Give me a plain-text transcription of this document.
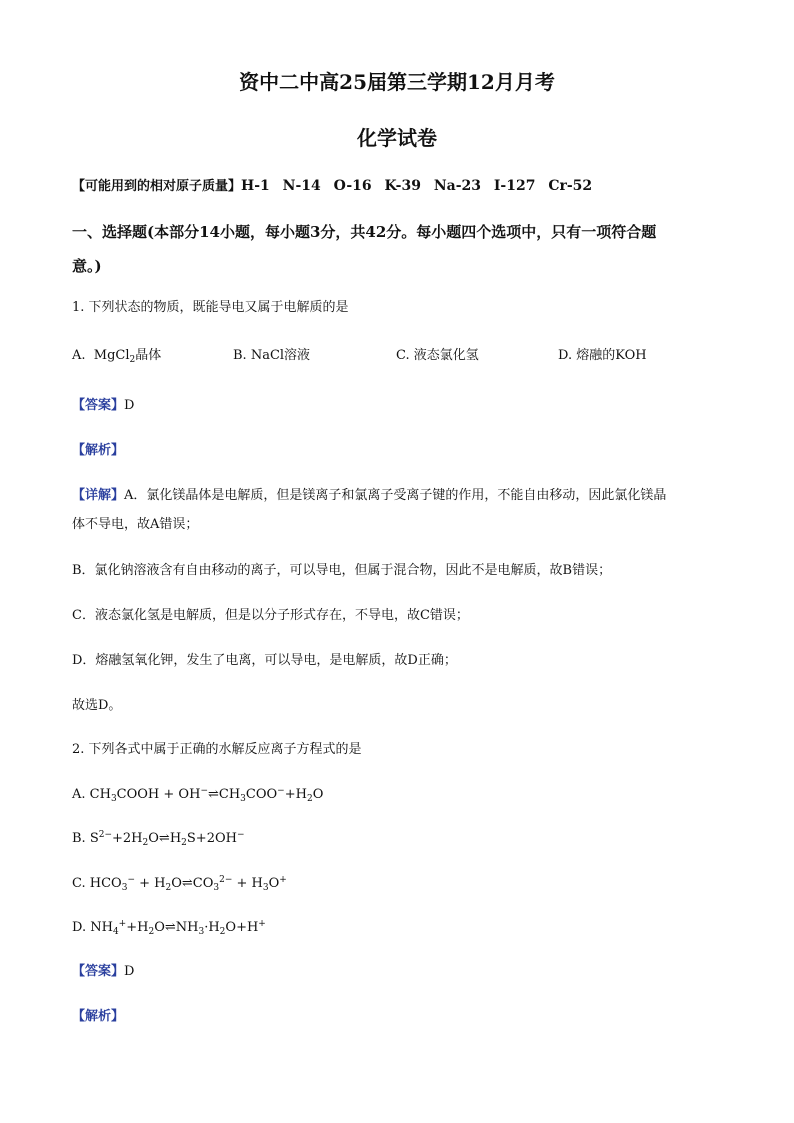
资中二中高25届第三学期12月月考
化学试卷
【可能用到的相对原子质量】H-1 N-14 O-16 K-39 Na-23 I-127 Cr-52
一、选择题(本部分14小题，每小题3分，共42分。每小题四个选项中，只有一项符合题
意。)
1. 下列状态的物质，既能导电又属于电解质的是
A. MgCl$_2$晶体	B. NaCl溶液	C. 液态氯化氢	D. 熔融的KOH
【答案】D
【解析】
【详解】A．氯化镁晶体是电解质，但是镁离子和氯离子受离子键的作用，不能自由移动，因此氯化镁晶
体不导电，故A错误；
B．氯化钠溶液含有自由移动的离子，可以导电，但属于混合物，因此不是电解质，故B错误；
C．液态氯化氢是电解质，但是以分子形式存在，不导电，故C错误；
D．熔融氢氧化钾，发生了电离，可以导电，是电解质，故D正确；
故选D。
2. 下列各式中属于正确的水解反应离子方程式的是
A. $CH_3COOH$ + $OH^-\rightleftharpoons CH_3COO^-+H_2O$
B. $S^{2-}+2H_2O\rightleftharpoons H_2S+2OH^-$
C. $HCO_3^-$ + $H_2O\rightleftharpoons CO_3^{2-} + H_3O^+$
D. $NH_4^++H_2O\rightleftharpoons NH_3\cdot H_2O+H^+$
【答案】D
【解析】
